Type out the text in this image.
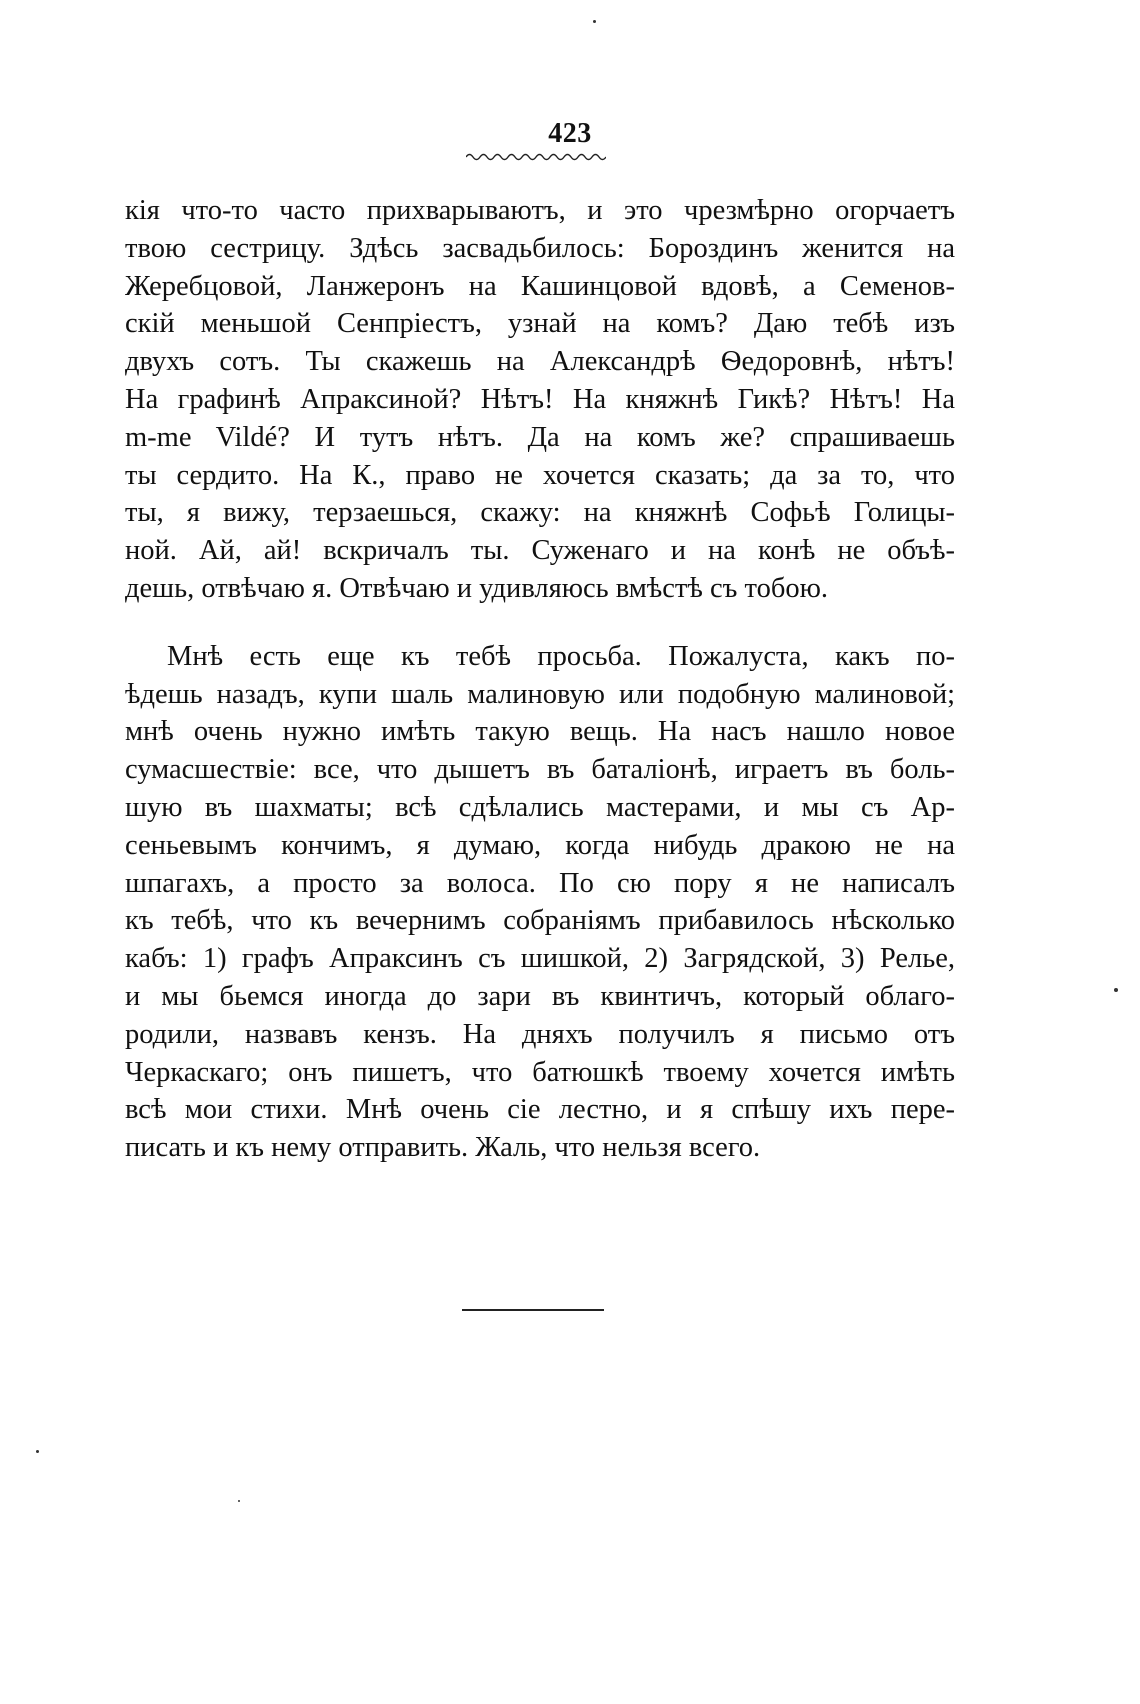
423

кія что-то часто прихварываютъ, и это чрезмѣрно огорчаетъ
твою сестрицу. Здѣсь засвадьбилось: Бороздинъ женится на
Жеребцовой, Ланжеронъ на Кашинцовой вдовѣ, а Семенов-
скій меньшой Сенпріестъ, узнай на комъ? Даю тебѣ изъ
двухъ сотъ. Ты скажешь на Александрѣ Ѳедоровнѣ, нѣтъ!
На графинѣ Апраксиной? Нѣтъ! На княжнѣ Гикѣ? Нѣтъ! На
m-me Vildé? И тутъ нѣтъ. Да на комъ же? спрашиваешь
ты сердито. На К., право не хочется сказать; да за то, что
ты, я вижу, терзаешься, скажу: на княжнѣ Софьѣ Голицы-
ной. Ай, ай! вскричалъ ты. Суженаго и на конѣ не объѣ-
дешь, отвѣчаю я. Отвѣчаю и удивляюсь вмѣстѣ съ тобою.

Мнѣ есть еще къ тебѣ просьба. Пожалуста, какъ по-
ѣдешь назадъ, купи шаль малиновую или подобную малиновой;
мнѣ очень нужно имѣть такую вещь. На насъ нашло новое
сумасшествіе: все, что дышетъ въ баталіонѣ, играетъ въ боль-
шую въ шахматы; всѣ сдѣлались мастерами, и мы съ Ар-
сеньевымъ кончимъ, я думаю, когда нибудь дракою не на
шпагахъ, а просто за волоса. По сю пору я не написалъ
къ тебѣ, что къ вечернимъ собраніямъ прибавилось нѣсколько
кабъ: 1) графъ Апраксинъ съ шишкой, 2) Загрядской, 3) Релье,
и мы бьемся иногда до зари въ квинтичъ, который облаго-
родили, назвавъ кензъ. На дняхъ получилъ я письмо отъ
Черкаскаго; онъ пишетъ, что батюшкѣ твоему хочется имѣть
всѣ мои стихи. Мнѣ очень сіе лестно, и я спѣшу ихъ пере-
писать и къ нему отправить. Жаль, что нельзя всего.
